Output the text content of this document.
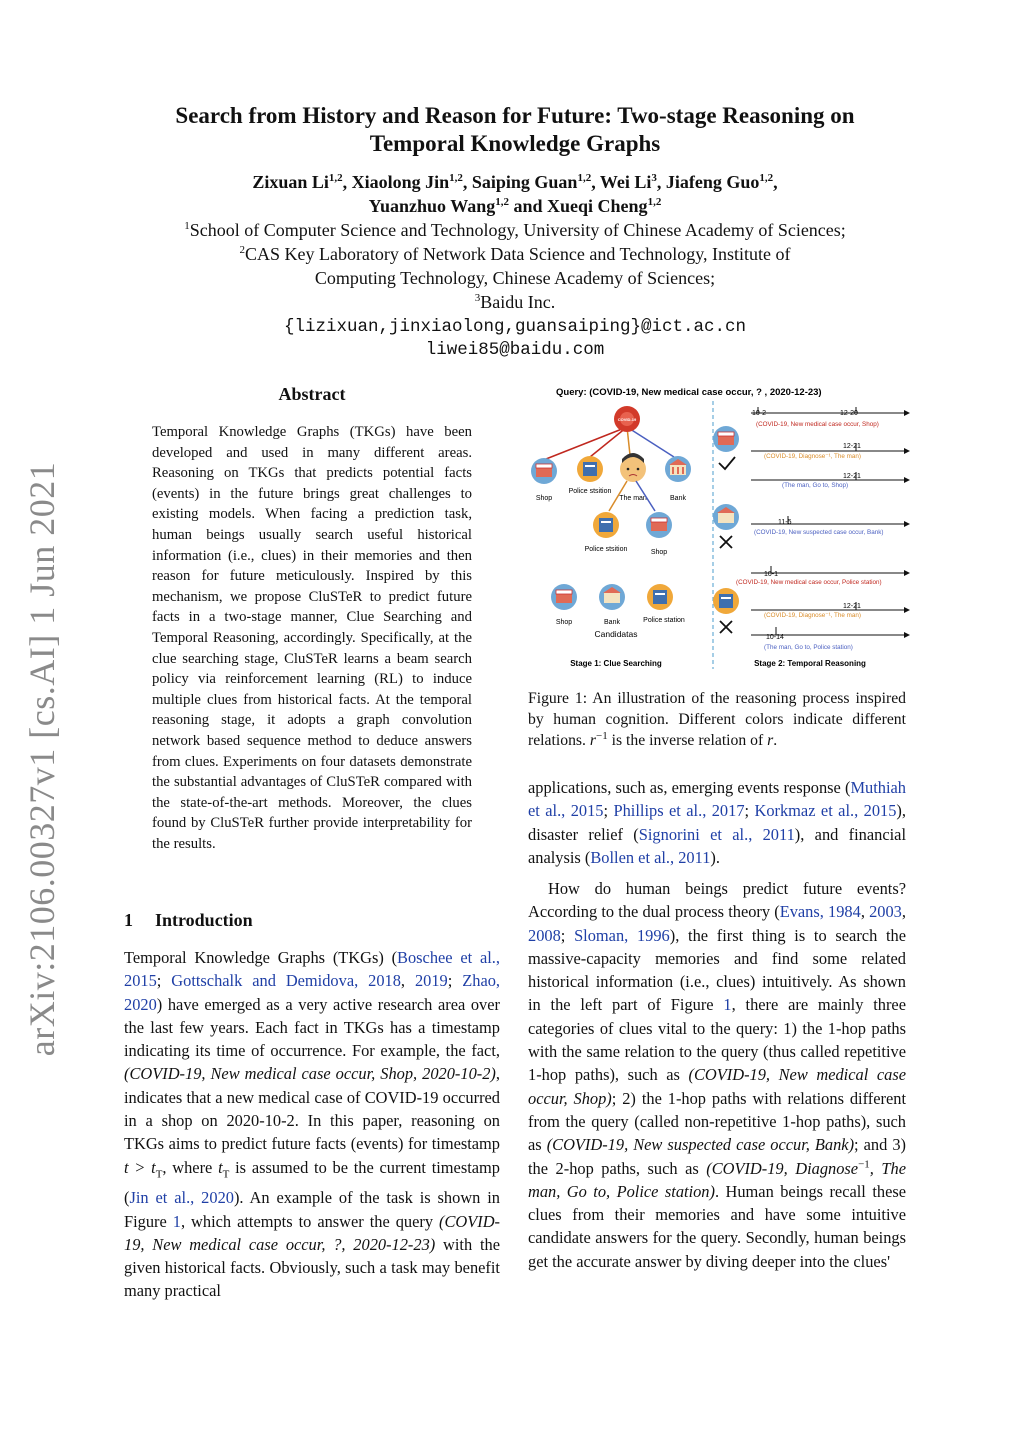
arXiv:2106.00327v1 [cs.AI] 1 Jun 2021
Search from History and Reason for Future: Two-stage Reasoning on
Temporal Knowledge Graphs
Zixuan Li$^{1,2}$, Xiaolong Jin$^{1,2}$, Saiping Guan$^{1,2}$, Wei Li$^3$, Jiafeng Guo$^{1,2}$,
Yuanzhuo Wang$^{1,2}$ and Xueqi Cheng$^{1,2}$
$^1$School of Computer Science and Technology, University of Chinese Academy of Sciences;
$^2$CAS Key Laboratory of Network Data Science and Technology, Institute of
Computing Technology, Chinese Academy of Sciences;
$^3$Baidu Inc.
{lizixuan,jinxiaolong,guansaiping}@ict.ac.cn
liwei85@baidu.com
Abstract

Temporal Knowledge Graphs (TKGs) have been developed and used in many different areas. Reasoning on TKGs that predicts potential facts (events) in the future brings great challenges to existing models. When facing a prediction task, human beings usually search useful historical information (i.e., clues) in their memories and then reason for future meticulously. Inspired by this mechanism, we propose CluSTeR to predict future facts in a two-stage manner, Clue Searching and Temporal Reasoning, accordingly. Specifically, at the clue searching stage, CluSTeR learns a beam search policy via reinforcement learning (RL) to induce multiple clues from historical facts. At the temporal reasoning stage, it adopts a graph convolution network based sequence method to deduce answers from clues. Experiments on four datasets demonstrate the substantial advantages of CluSTeR compared with the state-of-the-art methods. Moreover, the clues found by CluSTeR further provide interpretability for the results.

1 Introduction

Temporal Knowledge Graphs (TKGs) (Boschee et al., 2015; Gottschalk and Demidova, 2018, 2019; Zhao, 2020) have emerged as a very active research area over the last few years. Each fact in TKGs has a timestamp indicating its time of occurrence. For example, the fact, (COVID-19, New medical case occur, Shop, 2020-10-2), indicates that a new medical case of COVID-19 occurred in a shop on 2020-10-2. In this paper, reasoning on TKGs aims to predict future facts (events) for timestamp $t > t_T$, where $t_T$ is assumed to be the current timestamp (Jin et al., 2020). An example of the task is shown in Figure 1, which attempts to answer the query (COVID-19, New medical case occur, ?, 2020-12-23) with the given historical facts. Obviously, such a task may benefit many practical

Query: (COVID-19, New medical case occur, ? , 2020-12-23)
COVID-19
Shop
Police stsition
The man	Bank
Police stsition	Shop
Shop	Bank	Police station
Candidatas
Stage 1: Clue Searching
10-2	12-20
(COVID-19, New medical case occur, Shop)
12-21
(COVID-19, Diagnose⁻¹, The man)
12-21
(The man, Go to, Shop)
11-5
(COVID-19, New suspected case occur, Bank)
10-1
(COVID-19, New medical case occur, Police station)
12-21
(COVID-19, Diagnose⁻¹, The man)
10-14
(The man, Go to, Police station)
Stage 2: Temporal Reasoning

Figure 1: An illustration of the reasoning process inspired by human cognition. Different colors indicate different relations. $r^{-1}$ is the inverse relation of r.

applications, such as, emerging events response (Muthiah et al., 2015; Phillips et al., 2017; Korkmaz et al., 2015), disaster relief (Signorini et al., 2011), and financial analysis (Bollen et al., 2011).

How do human beings predict future events? According to the dual process theory (Evans, 1984, 2003, 2008; Sloman, 1996), the first thing is to search the massive-capacity memories and find some related historical information (i.e., clues) intuitively. As shown in the left part of Figure 1, there are mainly three categories of clues vital to the query: 1) the 1-hop paths with the same relation to the query (thus called repetitive 1-hop paths), such as (COVID-19, New medical case occur, Shop); 2) the 1-hop paths with relations different from the query (called non-repetitive 1-hop paths), such as (COVID-19, New suspected case occur, Bank); and 3) the 2-hop paths, such as (COVID-19, Diagnose$^{-1}$, The man, Go to, Police station). Human beings recall these clues from their memories and have some intuitive candidate answers for the query. Secondly, human beings get the accurate answer by diving deeper into the clues'
